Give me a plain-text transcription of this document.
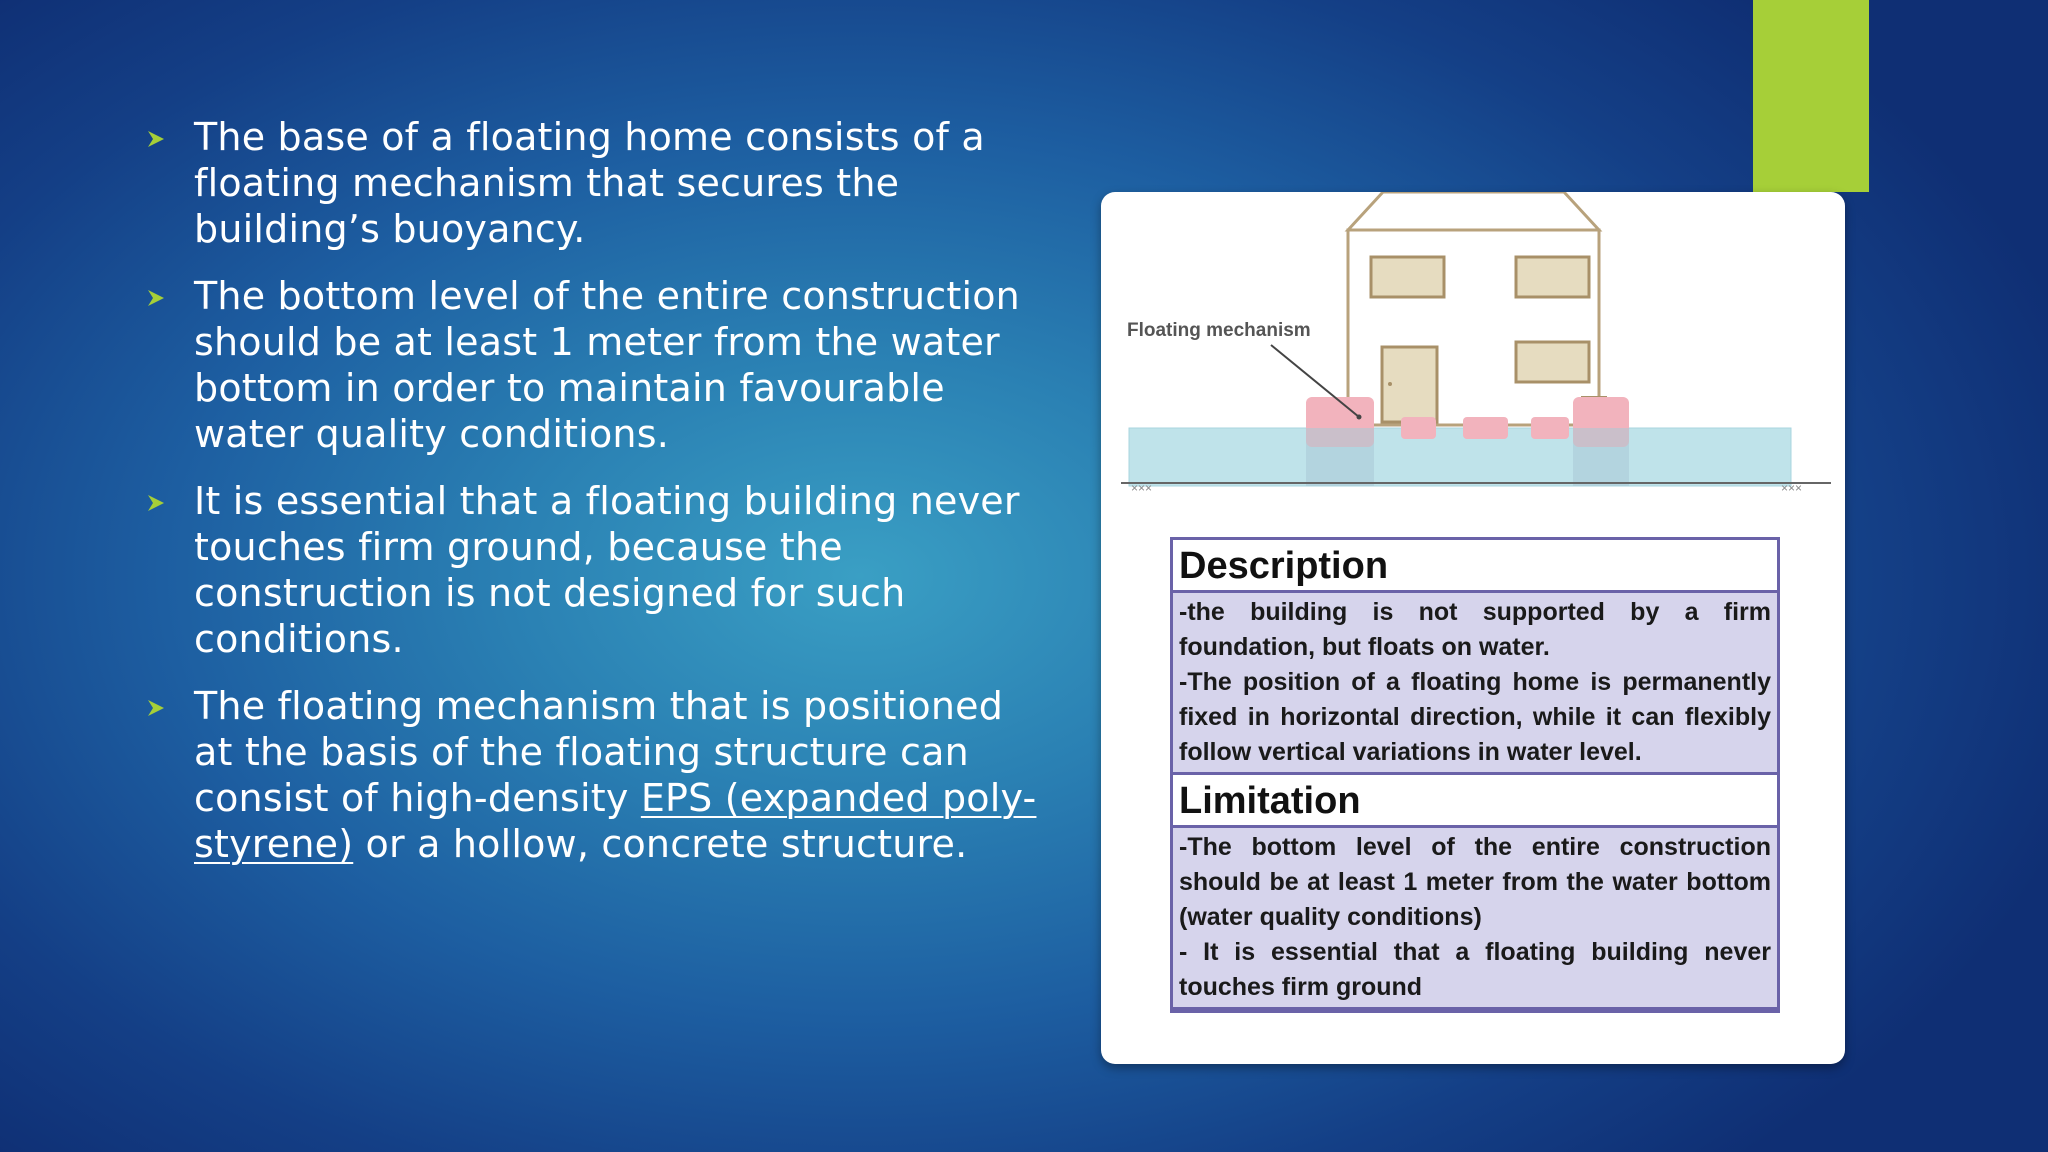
The base of a floating home consists of a floating mechanism that secures the building’s buoyancy.
The bottom level of the entire construction should be at least 1 meter from the water bottom in order to maintain favourable water quality conditions.
It is essential that a floating building never touches firm ground, because the construction is not designed for such conditions.
The floating mechanism that is positioned at the basis of the floating structure can consist of high-density EPS (expanded poly-styrene) or a hollow, concrete structure.
×××	×××
Floating mechanism
Description

-the building is not supported by a firm foundation, but floats on water.

-The position of a floating home is permanently fixed in horizontal direction, while it can flexibly follow vertical variations in water level.

Limitation

-The bottom level of the entire construction should be at least 1 meter from the water bottom (water quality conditions)

- It is essential that a floating building never touches firm ground
